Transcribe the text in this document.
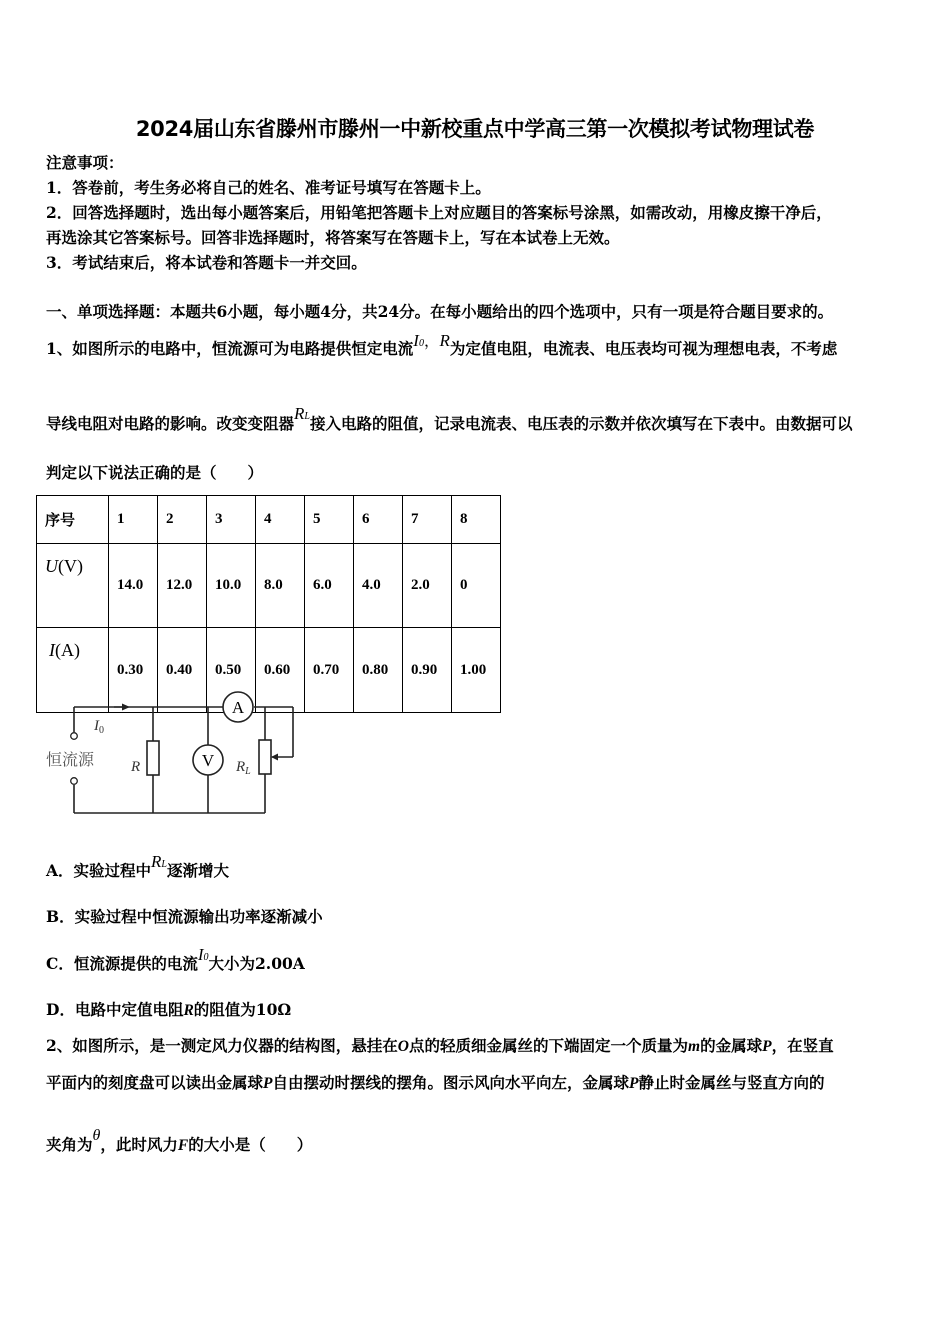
2024届山东省滕州市滕州一中新校重点中学高三第一次模拟考试物理试卷
注意事项：
1．答卷前，考生务必将自己的姓名、准考证号填写在答题卡上。
2．回答选择题时，选出每小题答案后，用铅笔把答题卡上对应题目的答案标号涂黑，如需改动，用橡皮擦干净后，
再选涂其它答案标号。回答非选择题时，将答案写在答题卡上，写在本试卷上无效。
3．考试结束后，将本试卷和答题卡一并交回。
一、单项选择题：本题共6小题，每小题4分，共24分。在每小题给出的四个选项中，只有一项是符合题目要求的。
1、如图所示的电路中，恒流源可为电路提供恒定电流I0，R为定值电阻，电流表、电压表均可视为理想电表，不考虑
导线电阻对电路的影响。改变变阻器RL接入电路的阻值，记录电流表、电压表的示数并依次填写在下表中。由数据可以
判定以下说法正确的是（　　）
序号	1	2	3	4	5	6	7	8
U(V)	14.0	12.0	10.0	8.0	6.0	4.0	2.0	0
I(A)	0.30	0.40	0.50	0.60	0.70	0.80	0.90	1.00
A
V
恒流源
$I_0$
R	$R_L$
A．实验过程中RL逐渐增大
B．实验过程中恒流源输出功率逐渐减小
C．恒流源提供的电流I0大小为2.00A
D．电路中定值电阻R的阻值为10Ω
2、如图所示，是一测定风力仪器的结构图，悬挂在O点的轻质细金属丝的下端固定一个质量为m的金属球P，在竖直
平面内的刻度盘可以读出金属球P自由摆动时摆线的摆角。图示风向水平向左，金属球P静止时金属丝与竖直方向的
夹角为θ，此时风力F的大小是（　　）
